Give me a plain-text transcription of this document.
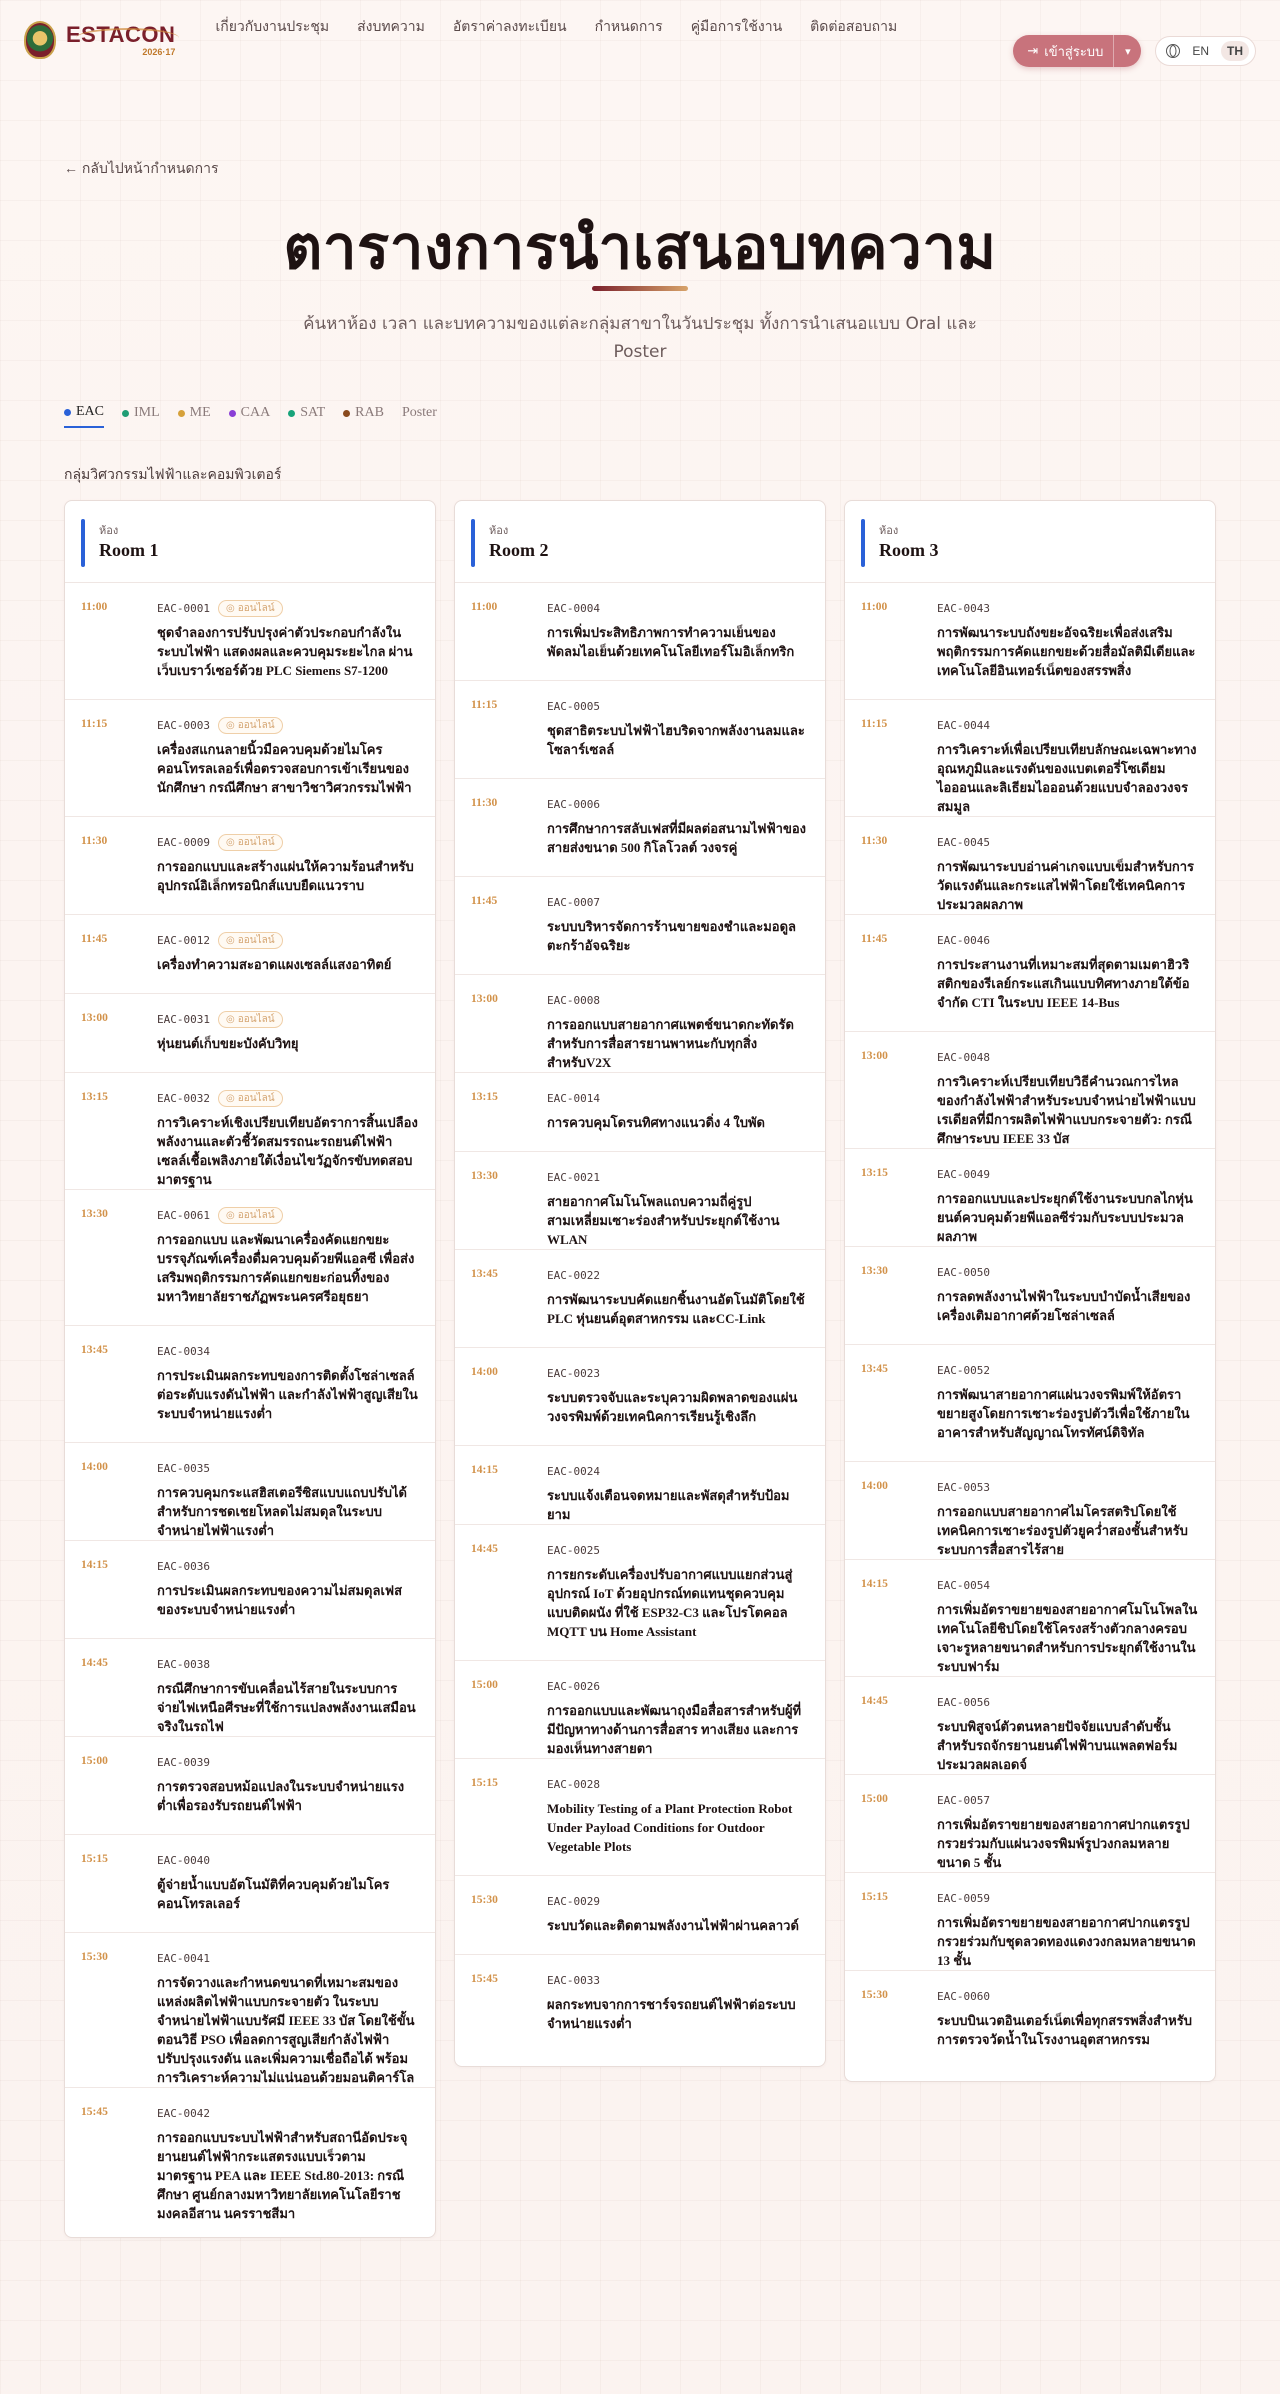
ESTACON
2026·17
เกี่ยวกับงานประชุม ส่งบทความ อัตราค่าลงทะเบียน กำหนดการ คู่มือการใช้งาน ติดต่อสอบถาม
⇥ เข้าสู่ระบบ ▾	EN	TH
← กลับไปหน้ากำหนดการ
ตารางการนำเสนอบทความ

ค้นหาห้อง เวลา และบทความของแต่ละกลุ่มสาขาในวันประชุม ทั้งการนำเสนอแบบ Oral และ Poster

EAC IML ME CAA SAT RAB Poster
กลุ่มวิศวกรรมไฟฟ้าและคอมพิวเตอร์
ห้อง
Room 1
11:00	EAC-0001 ◎ ออนไลน์
ชุดจำลองการปรับปรุงค่าตัวประกอบกำลังในระบบไฟฟ้า แสดงผลและควบคุมระยะไกล ผ่านเว็บเบราว์เซอร์ด้วย PLC Siemens S7-1200
11:15	EAC-0003 ◎ ออนไลน์
เครื่องสแกนลายนิ้วมือควบคุมด้วยไมโครคอนโทรลเลอร์เพื่อตรวจสอบการเข้าเรียนของนักศึกษา กรณีศึกษา สาขาวิชาวิศวกรรมไฟฟ้า
11:30	EAC-0009 ◎ ออนไลน์
การออกแบบและสร้างแผ่นให้ความร้อนสำหรับอุปกรณ์อิเล็กทรอนิกส์แบบยืดแนวราบ
11:45	EAC-0012 ◎ ออนไลน์
เครื่องทำความสะอาดแผงเซลล์แสงอาทิตย์
13:00	EAC-0031 ◎ ออนไลน์
หุ่นยนต์เก็บขยะบังคับวิทยุ
13:15	EAC-0032 ◎ ออนไลน์
การวิเคราะห์เชิงเปรียบเทียบอัตราการสิ้นเปลืองพลังงานและตัวชี้วัดสมรรถนะรถยนต์ไฟฟ้าเซลล์เชื้อเพลิงภายใต้เงื่อนไขวัฏจักรขับทดสอบมาตรฐาน
13:30	EAC-0061 ◎ ออนไลน์
การออกแบบ และพัฒนาเครื่องคัดแยกขยะบรรจุภัณฑ์เครื่องดื่มควบคุมด้วยพีแอลซี เพื่อส่งเสริมพฤติกรรมการคัดแยกขยะก่อนทิ้งของมหาวิทยาลัยราชภัฏพระนครศรีอยุธยา
13:45	EAC-0034
การประเมินผลกระทบของการติดตั้งโซล่าเซลล์ต่อระดับแรงดันไฟฟ้า และกำลังไฟฟ้าสูญเสียในระบบจำหน่ายแรงต่ำ
14:00	EAC-0035
การควบคุมกระแสฮิสเตอรีซิสแบบแถบปรับได้สำหรับการชดเชยโหลดไม่สมดุลในระบบจำหน่ายไฟฟ้าแรงต่ำ
14:15	EAC-0036
การประเมินผลกระทบของความไม่สมดุลเฟสของระบบจำหน่ายแรงต่ำ
14:45	EAC-0038
กรณีศึกษาการขับเคลื่อนไร้สายในระบบการจ่ายไฟเหนือศีรษะที่ใช้การแปลงพลังงานเสมือนจริงในรถไฟ
15:00	EAC-0039
การตรวจสอบหม้อแปลงในระบบจำหน่ายแรงต่ำเพื่อรองรับรถยนต์ไฟฟ้า
15:15	EAC-0040
ตู้จ่ายน้ำแบบอัตโนมัติที่ควบคุมด้วยไมโครคอนโทรลเลอร์
15:30	EAC-0041
การจัดวางและกำหนดขนาดที่เหมาะสมของแหล่งผลิตไฟฟ้าแบบกระจายตัว ในระบบจำหน่ายไฟฟ้าแบบรัศมี IEEE 33 บัส โดยใช้ขั้นตอนวิธี PSO เพื่อลดการสูญเสียกำลังไฟฟ้า ปรับปรุงแรงดัน และเพิ่มความเชื่อถือได้ พร้อมการวิเคราะห์ความไม่แน่นอนด้วยมอนติคาร์โล
15:45	EAC-0042
การออกแบบระบบไฟฟ้าสำหรับสถานีอัดประจุยานยนต์ไฟฟ้ากระแสตรงแบบเร็วตามมาตรฐาน PEA และ IEEE Std.80-2013: กรณีศึกษา ศูนย์กลางมหาวิทยาลัยเทคโนโลยีราชมงคลอีสาน นครราชสีมา
ห้อง
Room 2
11:00	EAC-0004
การเพิ่มประสิทธิภาพการทำความเย็นของพัดลมไอเย็นด้วยเทคโนโลยีเทอร์โมอิเล็กทริก
11:15	EAC-0005
ชุดสาธิตระบบไฟฟ้าไฮบริดจากพลังงานลมและโซลาร์เซลล์
11:30	EAC-0006
การศึกษาการสลับเฟสที่มีผลต่อสนามไฟฟ้าของสายส่งขนาด 500 กิโลโวลต์ วงจรคู่
11:45	EAC-0007
ระบบบริหารจัดการร้านขายของชำและมอดูลตะกร้าอัจฉริยะ
13:00	EAC-0008
การออกแบบสายอากาศแพตช์ขนาดกะทัดรัดสำหรับการสื่อสารยานพาหนะกับทุกสิ่งสำหรับV2X
13:15	EAC-0014
การควบคุมโดรนทิศทางแนวดิ่ง 4 ใบพัด
13:30	EAC-0021
สายอากาศโมโนโพลแถบความถี่คู่รูปสามเหลี่ยมเซาะร่องสำหรับประยุกต์ใช้งาน WLAN
13:45	EAC-0022
การพัฒนาระบบคัดแยกชิ้นงานอัตโนมัติโดยใช้ PLC หุ่นยนต์อุตสาหกรรม และCC-Link
14:00	EAC-0023
ระบบตรวจจับและระบุความผิดพลาดของแผ่นวงจรพิมพ์ด้วยเทคนิคการเรียนรู้เชิงลึก
14:15	EAC-0024
ระบบแจ้งเตือนจดหมายและพัสดุสำหรับป้อมยาม
14:45	EAC-0025
การยกระดับเครื่องปรับอากาศแบบแยกส่วนสู่อุปกรณ์ IoT ด้วยอุปกรณ์ทดแทนชุดควบคุมแบบติดผนัง ที่ใช้ ESP32-C3 และโปรโตคอล MQTT บน Home Assistant
15:00	EAC-0026
การออกแบบและพัฒนาถุงมือสื่อสารสำหรับผู้ที่มีปัญหาทางด้านการสื่อสาร ทางเสียง และการมองเห็นทางสายตา
15:15	EAC-0028
Mobility Testing of a Plant Protection Robot Under Payload Conditions for Outdoor Vegetable Plots
15:30	EAC-0029
ระบบวัดและติดตามพลังงานไฟฟ้าผ่านคลาวด์
15:45	EAC-0033
ผลกระทบจากการชาร์จรถยนต์ไฟฟ้าต่อระบบจำหน่ายแรงต่ำ
ห้อง
Room 3
11:00	EAC-0043
การพัฒนาระบบถังขยะอัจฉริยะเพื่อส่งเสริมพฤติกรรมการคัดแยกขยะด้วยสื่อมัลติมีเดียและเทคโนโลยีอินเทอร์เน็ตของสรรพสิ่ง
11:15	EAC-0044
การวิเคราะห์เพื่อเปรียบเทียบลักษณะเฉพาะทางอุณหภูมิและแรงดันของแบตเตอรี่โซเดียมไอออนและลิเธียมไอออนด้วยแบบจำลองวงจรสมมูล
11:30	EAC-0045
การพัฒนาระบบอ่านค่าเกจแบบเข็มสำหรับการวัดแรงดันและกระแสไฟฟ้าโดยใช้เทคนิคการประมวลผลภาพ
11:45	EAC-0046
การประสานงานที่เหมาะสมที่สุดตามเมตาฮิวริสติกของรีเลย์กระแสเกินแบบทิศทางภายใต้ข้อจำกัด CTI ในระบบ IEEE 14-Bus
13:00	EAC-0048
การวิเคราะห์เปรียบเทียบวิธีคำนวณการไหลของกำลังไฟฟ้าสำหรับระบบจำหน่ายไฟฟ้าแบบเรเดียลที่มีการผลิตไฟฟ้าแบบกระจายตัว: กรณีศึกษาระบบ IEEE 33 บัส
13:15	EAC-0049
การออกแบบและประยุกต์ใช้งานระบบกลไกหุ่นยนต์ควบคุมด้วยพีแอลซีร่วมกับระบบประมวลผลภาพ
13:30	EAC-0050
การลดพลังงานไฟฟ้าในระบบบำบัดน้ำเสียของเครื่องเติมอากาศด้วยโซล่าเซลล์
13:45	EAC-0052
การพัฒนาสายอากาศแผ่นวงจรพิมพ์ให้อัตราขยายสูงโดยการเซาะร่องรูปตัววีเพื่อใช้ภายในอาคารสำหรับสัญญาณโทรทัศน์ดิจิทัล
14:00	EAC-0053
การออกแบบสายอากาศไมโครสตริปโดยใช้เทคนิคการเซาะร่องรูปตัวยูคว่ำสองชั้นสำหรับระบบการสื่อสารไร้สาย
14:15	EAC-0054
การเพิ่มอัตราขยายของสายอากาศโมโนโพลในเทคโนโลยีชิปโดยใช้โครงสร้างตัวกลางครอบเจาะรูหลายขนาดสำหรับการประยุกต์ใช้งานในระบบฟาร์ม
14:45	EAC-0056
ระบบพิสูจน์ตัวตนหลายปัจจัยแบบลำดับชั้นสำหรับรถจักรยานยนต์ไฟฟ้าบนแพลตฟอร์มประมวลผลเอดจ์
15:00	EAC-0057
การเพิ่มอัตราขยายของสายอากาศปากแตรรูปกรวยร่วมกับแผ่นวงจรพิมพ์รูปวงกลมหลายขนาด 5 ชั้น
15:15	EAC-0059
การเพิ่มอัตราขยายของสายอากาศปากแตรรูปกรวยร่วมกับชุดลวดทองแดงวงกลมหลายขนาด 13 ชั้น
15:30	EAC-0060
ระบบบินเวตอินเตอร์เน็ตเพื่อทุกสรรพสิ่งสำหรับการตรวจวัดน้ำในโรงงานอุตสาหกรรม
